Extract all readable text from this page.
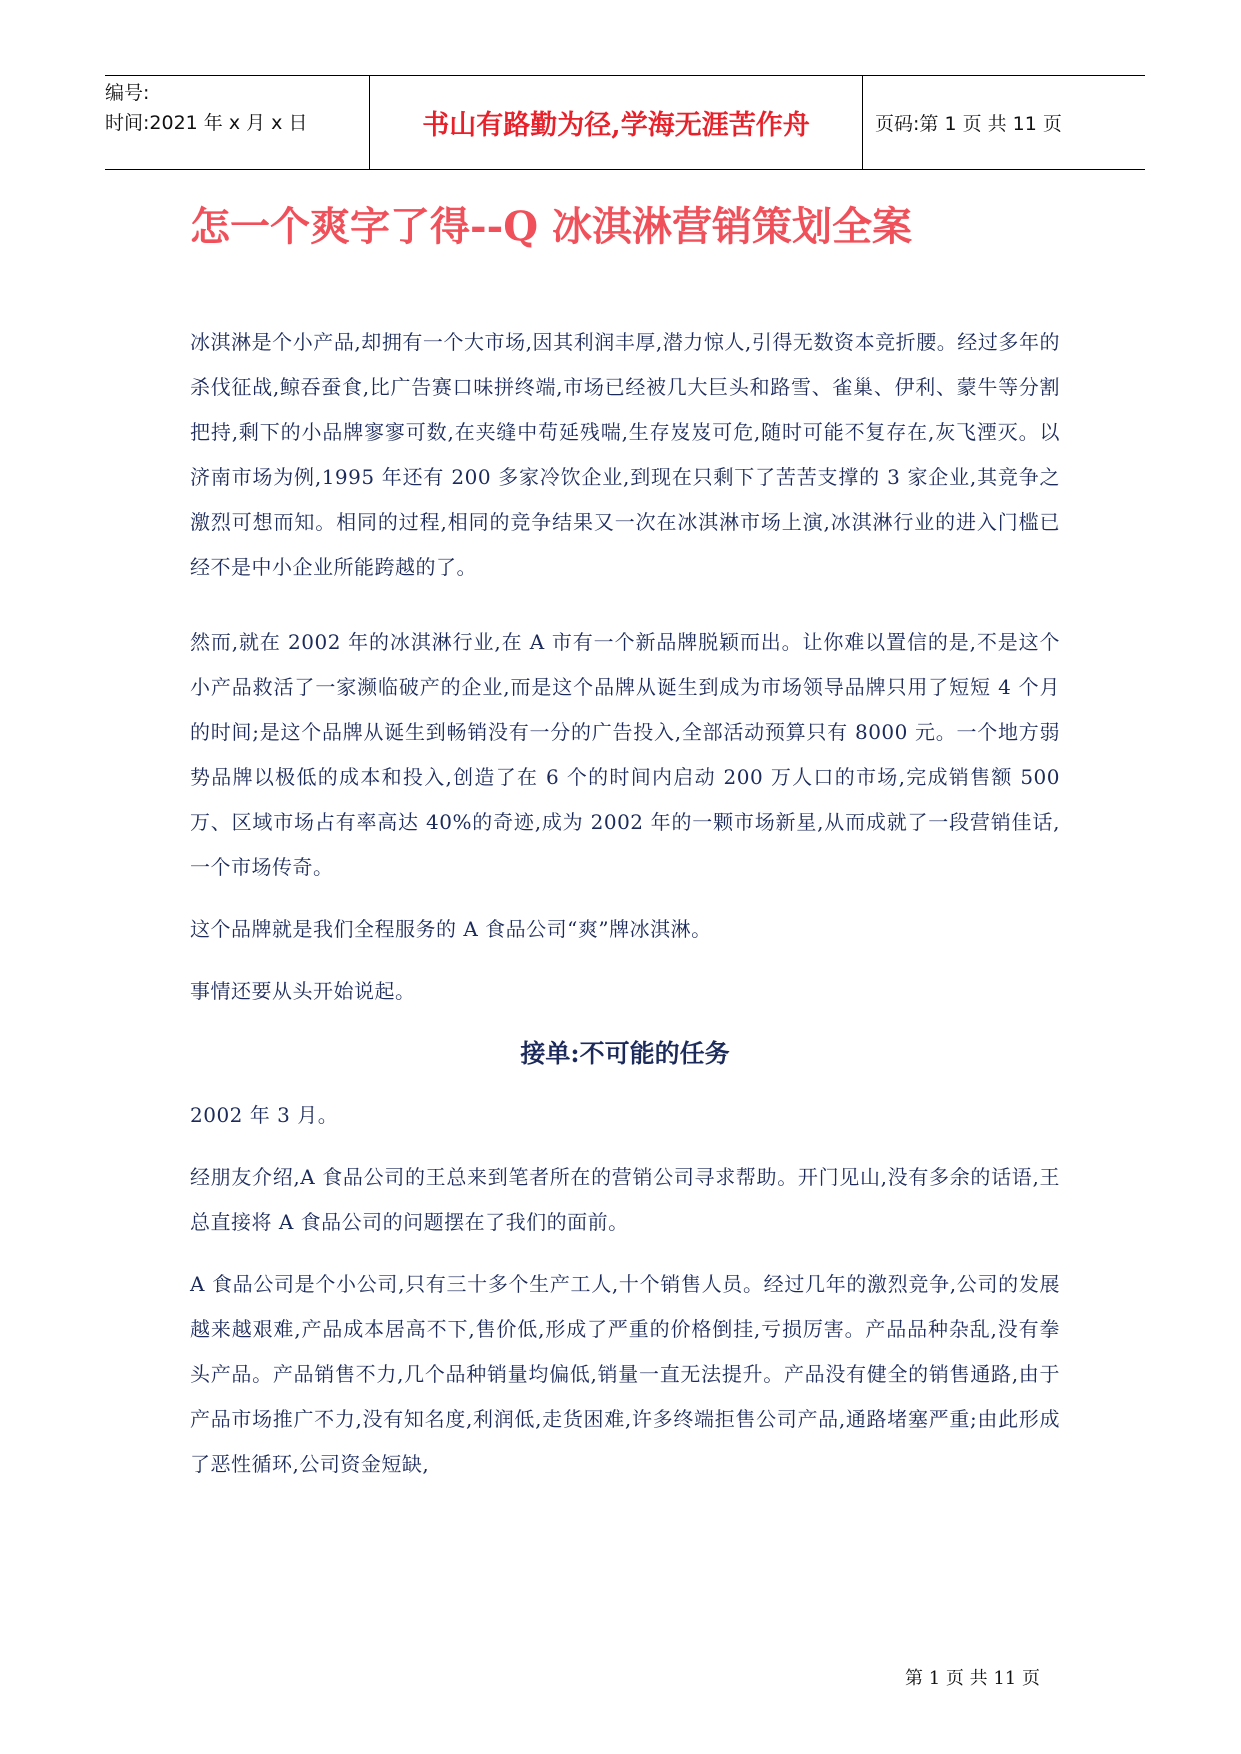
编号:
时间:2021 年 x 月 x 日	书山有路勤为径,学海无涯苦作舟	页码:第 1 页 共 11 页
怎一个爽字了得--Q 冰淇淋营销策划全案

冰淇淋是个小产品,却拥有一个大市场,因其利润丰厚,潜力惊人,引得无数资本竞折腰。经过多年的杀伐征战,鲸吞蚕食,比广告赛口味拼终端,市场已经被几大巨头和路雪、雀巢、伊利、蒙牛等分割把持,剩下的小品牌寥寥可数,在夹缝中苟延残喘,生存岌岌可危,随时可能不复存在,灰飞湮灭。以济南市场为例,1995 年还有 200 多家冷饮企业,到现在只剩下了苦苦支撑的 3 家企业,其竞争之激烈可想而知。相同的过程,相同的竞争结果又一次在冰淇淋市场上演,冰淇淋行业的进入门槛已经不是中小企业所能跨越的了。

然而,就在 2002 年的冰淇淋行业,在 A 市有一个新品牌脱颖而出。让你难以置信的是,不是这个小产品救活了一家濒临破产的企业,而是这个品牌从诞生到成为市场领导品牌只用了短短 4 个月的时间;是这个品牌从诞生到畅销没有一分的广告投入,全部活动预算只有 8000 元。一个地方弱势品牌以极低的成本和投入,创造了在 6 个的时间内启动 200 万人口的市场,完成销售额 500 万、区域市场占有率高达 40%的奇迹,成为 2002 年的一颗市场新星,从而成就了一段营销佳话,一个市场传奇。

这个品牌就是我们全程服务的 A 食品公司“爽”牌冰淇淋。

事情还要从头开始说起。

接单:不可能的任务

2002 年 3 月。

经朋友介绍,A 食品公司的王总来到笔者所在的营销公司寻求帮助。开门见山,没有多余的话语,王总直接将 A 食品公司的问题摆在了我们的面前。

A 食品公司是个小公司,只有三十多个生产工人,十个销售人员。经过几年的激烈竞争,公司的发展越来越艰难,产品成本居高不下,售价低,形成了严重的价格倒挂,亏损厉害。产品品种杂乱,没有拳头产品。产品销售不力,几个品种销量均偏低,销量一直无法提升。产品没有健全的销售通路,由于产品市场推广不力,没有知名度,利润低,走货困难,许多终端拒售公司产品,通路堵塞严重;由此形成了恶性循环,公司资金短缺,

第 1 页 共 11 页
